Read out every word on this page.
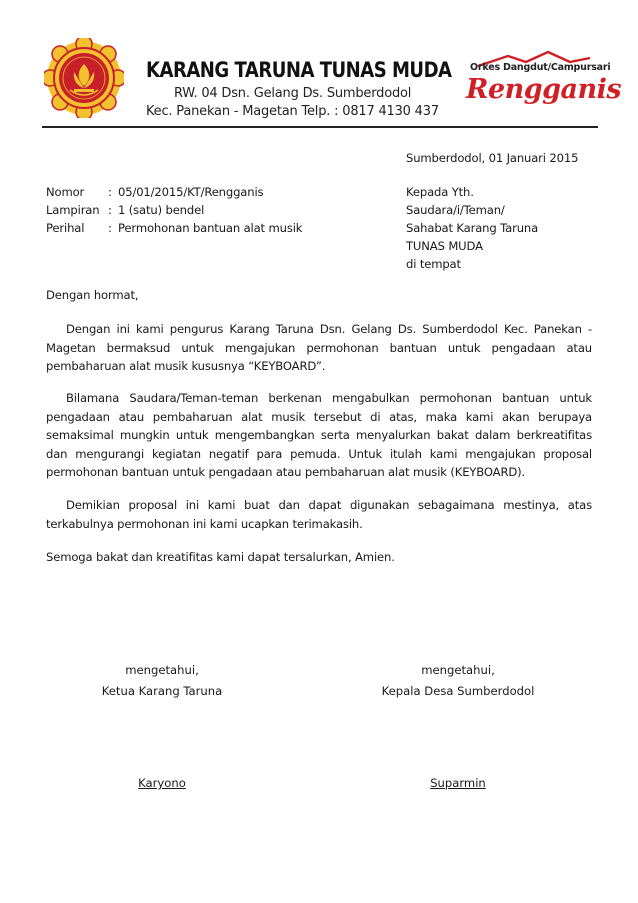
KARANG TARUNA TUNAS MUDA
RW. 04 Dsn. Gelang Ds. Sumberdodol
Kec. Panekan - Magetan Telp. : 0817 4130 437
Orkes Dangdut/Campursari
Rengganis
Sumberdodol, 01 Januari 2015
Nomor	: 05/01/2015/KT/Rengganis
Lampiran : 1 (satu) bendel
Perihal	: Permohonan bantuan alat musik
Kepada Yth.
Saudara/i/Teman/
Sahabat Karang Taruna
TUNAS MUDA
di tempat
Dengan hormat,
Dengan ini kami pengurus Karang Taruna Dsn. Gelang Ds. Sumberdodol Kec. Panekan - Magetan bermaksud untuk mengajukan permohonan bantuan untuk pengadaan atau pembaharuan alat musik kususnya “KEYBOARD”.
Bilamana Saudara/Teman-teman berkenan mengabulkan permohonan bantuan untuk pengadaan atau pembaharuan alat musik tersebut di atas, maka kami akan berupaya semaksimal mungkin untuk mengembangkan serta menyalurkan bakat dalam berkreatifitas dan mengurangi kegiatan negatif para pemuda. Untuk itulah kami mengajukan proposal permohonan bantuan untuk pengadaan atau pembaharuan alat musik (KEYBOARD).
Demikian proposal ini kami buat dan dapat digunakan sebagaimana mestinya, atas terkabulnya permohonan ini kami ucapkan terimakasih.
Semoga bakat dan kreatifitas kami dapat tersalurkan, Amien.
mengetahui,
Ketua Karang Taruna
Karyono
mengetahui,
Kepala Desa Sumberdodol
Suparmin
